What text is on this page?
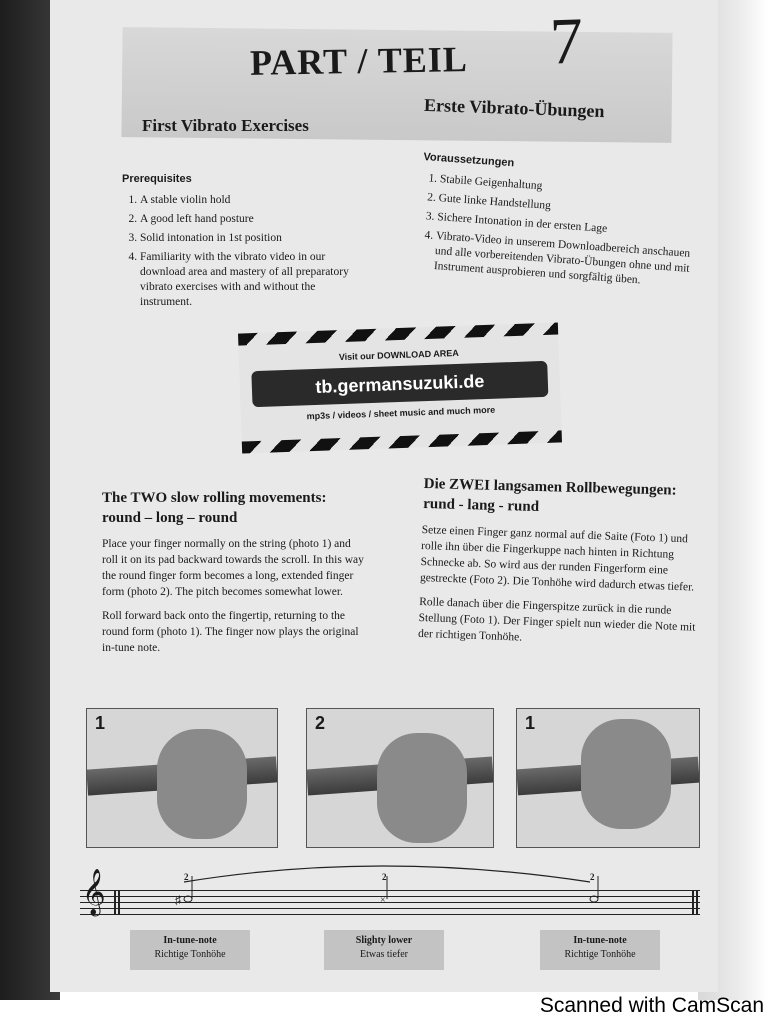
PART / TEIL 7
First Vibrato Exercises
Erste Vibrato-Übungen
Prerequisites
1. A stable violin hold
2. A good left hand posture
3. Solid intonation in 1st position
4. Familiarity with the vibrato video in our download area and mastery of all preparatory vibrato exercises with and without the instrument.
Voraussetzungen
1. Stabile Geigenhaltung
2. Gute linke Handstellung
3. Sichere Intonation in der ersten Lage
4. Vibrato-Video in unserem Downloadbereich anschauen und alle vorbereitenden Vibrato-Übungen ohne und mit Instrument ausprobieren und sorgfältig üben.
Visit our DOWNLOAD AREA
tb.germansuzuki.de
mp3s / videos / sheet music and much more
The TWO slow rolling movements:
round – long – round

Place your finger normally on the string (photo 1) and roll it on its pad backward towards the scroll. In this way the round finger form becomes a long, extended finger form (photo 2). The pitch becomes somewhat lower.

Roll forward back onto the fingertip, returning to the round form (photo 1). The finger now plays the original in-tune note.

Die ZWEI langsamen Rollbewegungen:
rund - lang - rund

Setze einen Finger ganz normal auf die Saite (Foto 1) und rolle ihn über die Fingerkuppe nach hinten in Richtung Schnecke ab. So wird aus der runden Fingerform eine gestreckte (Foto 2). Die Tonhöhe wird dadurch etwas tiefer.

Rolle danach über die Fingerspitze zurück in die runde Stellung (Foto 1). Der Finger spielt nun wieder die Note mit der richtigen Tonhöhe.

1	2	1
𝄞	♯	×
2	2	2
In-tune-note
Richtige Tonhöhe
Slighty lower
Etwas tiefer
In-tune-note
Richtige Tonhöhe
Scanned with CamScan
